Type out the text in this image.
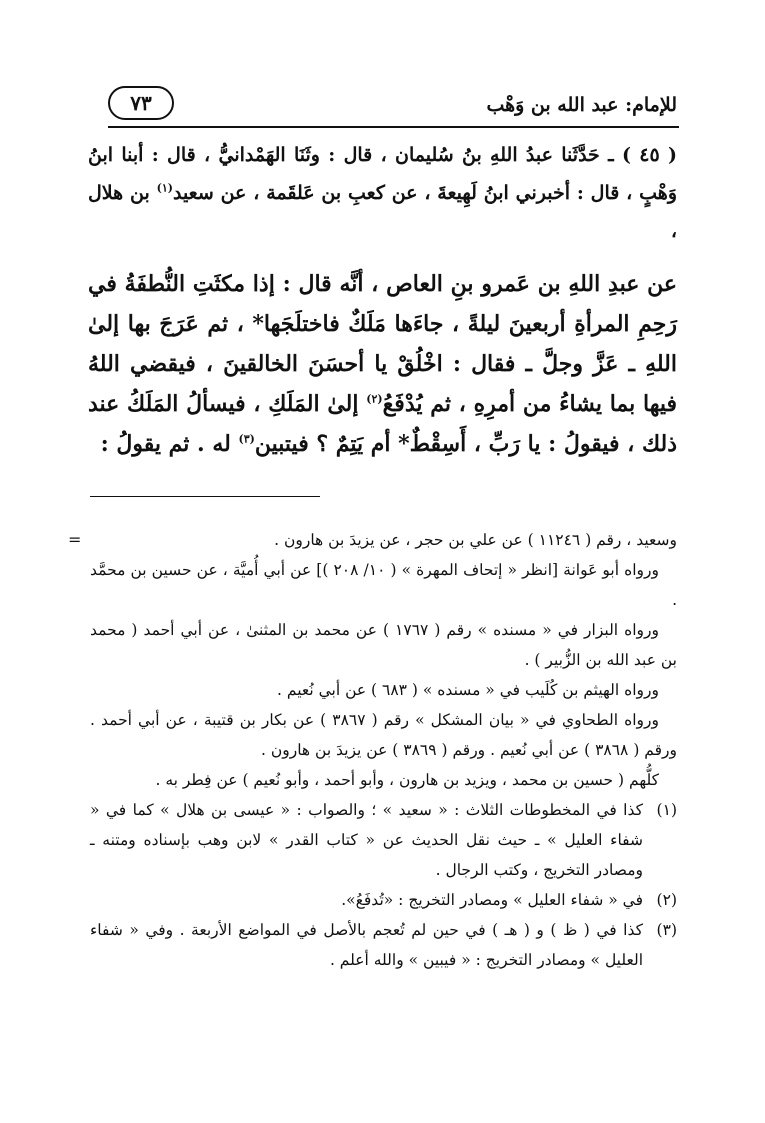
للإمام: عبد الله بن وَهْب
٧٣

( ٤٥ ) ـ حَدَّثَنا عبدُ اللهِ بنُ سُليمان ، قال : وثَنَا الهَمْدانيُّ ، قال : أبنا ابنُ وَهْبٍ ، قال : أخبرني ابنُ لَهِيعةَ ، عن كعبِ بن عَلقَمة ، عن سعيد$^{(١)}$ بن هلال ،

عن عبدِ اللهِ بن عَمرو بنِ العاص ، أنَّه قال : إذا مكثَتِ النُّطفَةُ في رَحِمِ المرأةِ أربعينَ ليلةً ، جاءَها مَلَكٌ فاختلَجَها* ، ثم عَرَجَ بها إلىٰ اللهِ ـ عَزَّ وجلَّ ـ فقال : اخْلُقْ يا أحسَنَ الخالقينَ ، فيقضي اللهُ فيها بما يشاءُ من أمرِهِ ، ثم يُدْفَعُ$^{(٢)}$ إلىٰ المَلَكِ ، فيسألُ المَلَكُ عند ذلك ، فيقولُ : يا رَبِّ ، أَسِقْطٌ* أم يَتِمٌ ؟ فيتبين$^{(٣)}$ له . ثم يقولُ :

=	وسعيد ، رقم ( ١١٢٤٦ ) عن علي بن حجر ، عن يزيدَ بن هارون .

ورواه أبو عَوانة [انظر « إتحاف المهرة » ( ١٠/ ٢٠٨ )] عن أبي أُميَّة ، عن حسين بن محمَّد .

ورواه البزار في « مسنده » رقم ( ١٧٦٧ ) عن محمد بن المثنىٰ ، عن أبي أحمد ( محمد بن عبد الله بن الزُّبير ) .

ورواه الهيثم بن كُلَيب في « مسنده » ( ٦٨٣ ) عن أبي نُعيم .

ورواه الطحاوي في « بيان المشكل » رقم ( ٣٨٦٧ ) عن بكار بن قتيبة ، عن أبي أحمد . ورقم ( ٣٨٦٨ ) عن أبي نُعيم . ورقم ( ٣٨٦٩ ) عن يزيدَ بن هارون .

كلُّهم ( حسين بن محمد ، ويزيد بن هارون ، وأبو أحمد ، وأبو نُعيم ) عن فِطر به .

(١)
كذا في المخطوطات الثلاث : « سعيد » ؛ والصواب : « عيسى بن هلال » كما في « شفاء العليل » ـ حيث نقل الحديث عن « كتاب القدر » لابن وهب بإسناده ومتنه ـ ومصادر التخريج ، وكتب الرجال .
(٢)
في « شفاء العليل » ومصادر التخريج : «تُدفَعُ».
(٣)
كذا في ( ظ ) و ( هـ ) في حين لم تُعجم بالأصل في المواضع الأربعة . وفي « شفاء العليل » ومصادر التخريج : « فيبين » والله أعلم .
